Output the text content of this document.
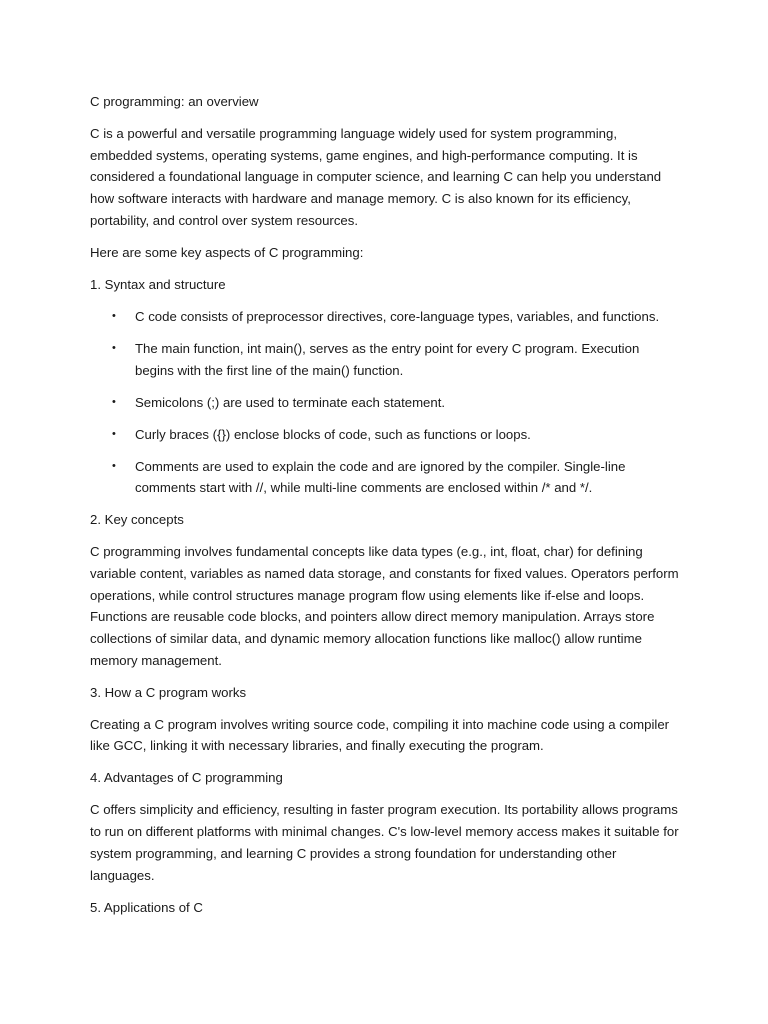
C programming: an overview

C is a powerful and versatile programming language widely used for system programming, embedded systems, operating systems, game engines, and high-performance computing. It is considered a foundational language in computer science, and learning C can help you understand how software interacts with hardware and manage memory. C is also known for its efficiency, portability, and control over system resources.

Here are some key aspects of C programming:

1. Syntax and structure

• C code consists of preprocessor directives, core-language types, variables, and functions.
• The main function, int main(), serves as the entry point for every C program. Execution begins with the first line of the main() function.
• Semicolons (;) are used to terminate each statement.
• Curly braces ({}) enclose blocks of code, such as functions or loops.
• Comments are used to explain the code and are ignored by the compiler. Single-line comments start with //, while multi-line comments are enclosed within /* and */.

2. Key concepts

C programming involves fundamental concepts like data types (e.g., int, float, char) for defining variable content, variables as named data storage, and constants for fixed values. Operators perform operations, while control structures manage program flow using elements like if-else and loops. Functions are reusable code blocks, and pointers allow direct memory manipulation. Arrays store collections of similar data, and dynamic memory allocation functions like malloc() allow runtime memory management.

3. How a C program works

Creating a C program involves writing source code, compiling it into machine code using a compiler like GCC, linking it with necessary libraries, and finally executing the program.

4. Advantages of C programming

C offers simplicity and efficiency, resulting in faster program execution. Its portability allows programs to run on different platforms with minimal changes. C's low-level memory access makes it suitable for system programming, and learning C provides a strong foundation for understanding other languages.

5. Applications of C
